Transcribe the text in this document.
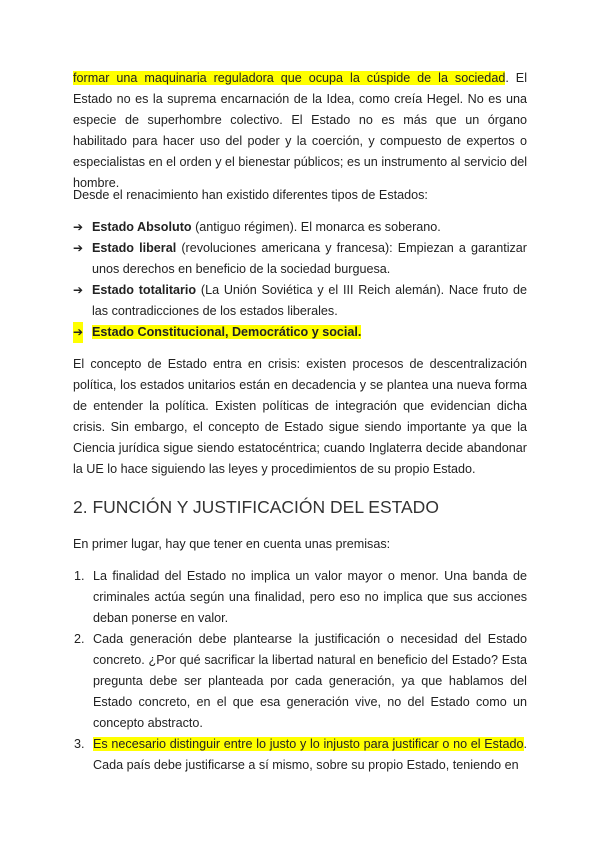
formar una maquinaria reguladora que ocupa la cúspide de la sociedad. El Estado no es la suprema encarnación de la Idea, como creía Hegel. No es una especie de superhombre colectivo. El Estado no es más que un órgano habilitado para hacer uso del poder y la coerción, y compuesto de expertos o especialistas en el orden y el bienestar públicos; es un instrumento al servicio del hombre.

Desde el renacimiento han existido diferentes tipos de Estados:

➔ Estado Absoluto (antiguo régimen). El monarca es soberano.
➔ Estado liberal (revoluciones americana y francesa): Empiezan a garantizar unos derechos en beneficio de la sociedad burguesa.
➔ Estado totalitario (La Unión Soviética y el III Reich alemán). Nace fruto de las contradicciones de los estados liberales.
➔ Estado Constitucional, Democrático y social.

El concepto de Estado entra en crisis: existen procesos de descentralización política, los estados unitarios están en decadencia y se plantea una nueva forma de entender la política. Existen políticas de integración que evidencian dicha crisis. Sin embargo, el concepto de Estado sigue siendo importante ya que la Ciencia jurídica sigue siendo estatocéntrica; cuando Inglaterra decide abandonar la UE lo hace siguiendo las leyes y procedimientos de su propio Estado.

2. FUNCIÓN Y JUSTIFICACIÓN DEL ESTADO

En primer lugar, hay que tener en cuenta unas premisas:

1. La finalidad del Estado no implica un valor mayor o menor. Una banda de criminales actúa según una finalidad, pero eso no implica que sus acciones deban ponerse en valor.
2. Cada generación debe plantearse la justificación o necesidad del Estado concreto. ¿Por qué sacrificar la libertad natural en beneficio del Estado? Esta pregunta debe ser planteada por cada generación, ya que hablamos del Estado concreto, en el que esa generación vive, no del Estado como un concepto abstracto.
3. Es necesario distinguir entre lo justo y lo injusto para justificar o no el Estado. Cada país debe justificarse a sí mismo, sobre su propio Estado, teniendo en
